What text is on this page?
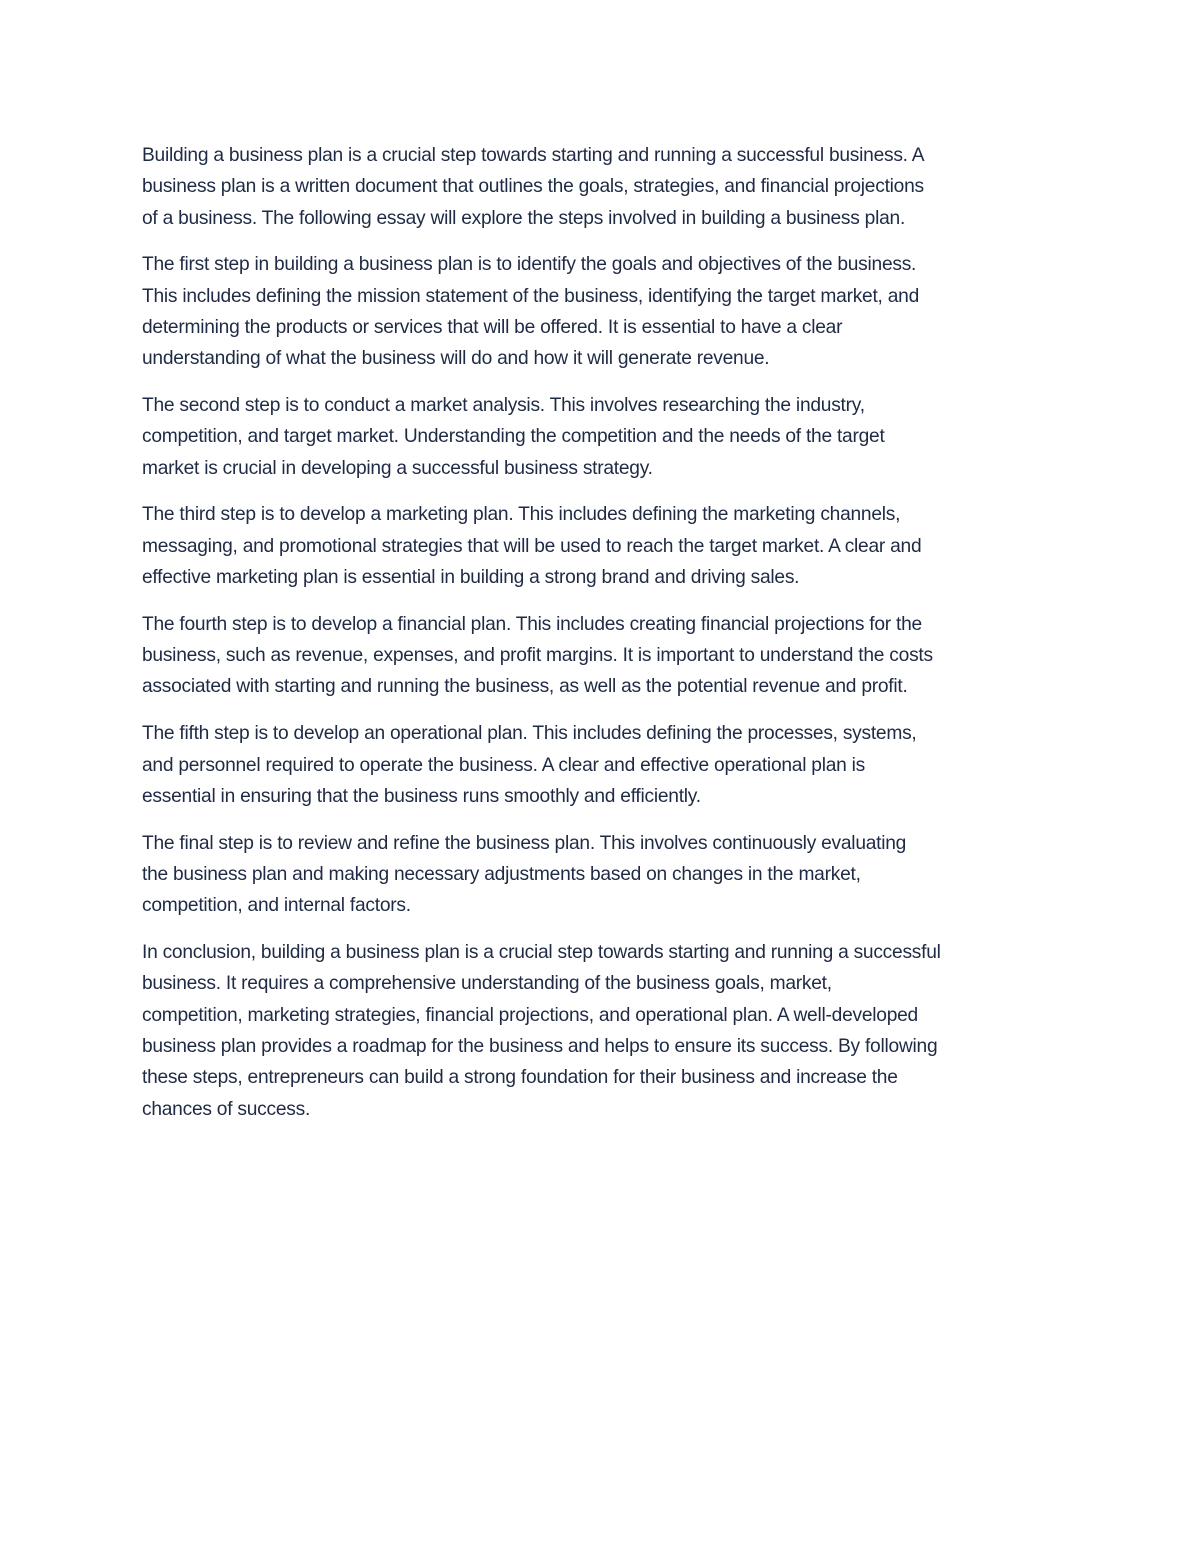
Building a business plan is a crucial step towards starting and running a successful business. A
business plan is a written document that outlines the goals, strategies, and financial projections
of a business. The following essay will explore the steps involved in building a business plan.

The first step in building a business plan is to identify the goals and objectives of the business.
This includes defining the mission statement of the business, identifying the target market, and
determining the products or services that will be offered. It is essential to have a clear
understanding of what the business will do and how it will generate revenue.

The second step is to conduct a market analysis. This involves researching the industry,
competition, and target market. Understanding the competition and the needs of the target
market is crucial in developing a successful business strategy.

The third step is to develop a marketing plan. This includes defining the marketing channels,
messaging, and promotional strategies that will be used to reach the target market. A clear and
effective marketing plan is essential in building a strong brand and driving sales.

The fourth step is to develop a financial plan. This includes creating financial projections for the
business, such as revenue, expenses, and profit margins. It is important to understand the costs
associated with starting and running the business, as well as the potential revenue and profit.

The fifth step is to develop an operational plan. This includes defining the processes, systems,
and personnel required to operate the business. A clear and effective operational plan is
essential in ensuring that the business runs smoothly and efficiently.

The final step is to review and refine the business plan. This involves continuously evaluating
the business plan and making necessary adjustments based on changes in the market,
competition, and internal factors.

In conclusion, building a business plan is a crucial step towards starting and running a successful
business. It requires a comprehensive understanding of the business goals, market,
competition, marketing strategies, financial projections, and operational plan. A well-developed
business plan provides a roadmap for the business and helps to ensure its success. By following
these steps, entrepreneurs can build a strong foundation for their business and increase the
chances of success.
